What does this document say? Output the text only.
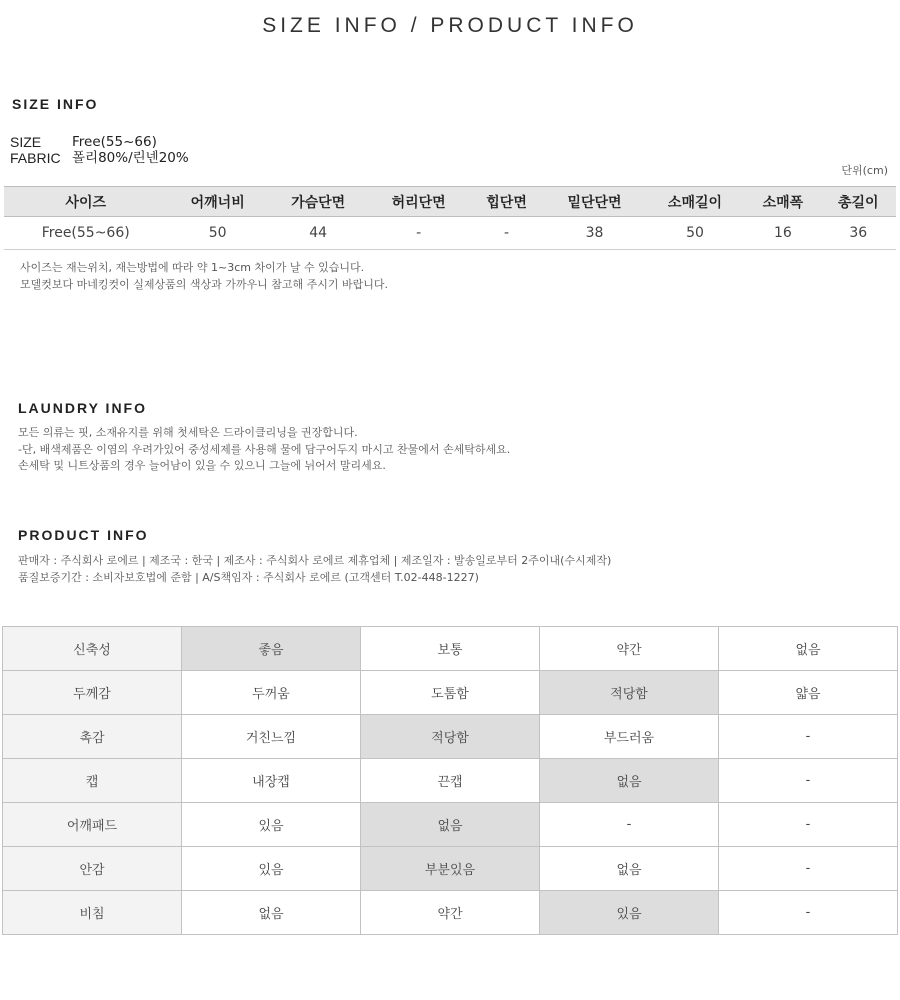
SIZE INFO / PRODUCT INFO
SIZE INFO
SIZE	Free(55~66)
FABRIC 폴리80%/린넨20%
단위(cm)
사이즈	어깨너비	가슴단면	허리단면	힙단면	밑단단면	소매길이	소매폭	총길이
Free(55~66)	50	44	-	-	38	50	16	36
사이즈는 재는위치, 재는방법에 따라 약 1~3cm 차이가 날 수 있습니다.
모델컷보다 마네킹컷이 실제상품의 색상과 가까우니 참고해 주시기 바랍니다.
LAUNDRY INFO
모든 의류는 핏, 소재유지를 위해 첫세탁은 드라이클리닝을 권장합니다.
-단, 배색제품은 이염의 우려가있어 중성세제를 사용해 물에 담구어두지 마시고 찬물에서 손세탁하세요.
손세탁 및 니트상품의 경우 늘어남이 있을 수 있으니 그늘에 뉘어서 말리세요.
PRODUCT INFO
판매자 : 주식회사 로에르 | 제조국 : 한국 | 제조사 : 주식회사 로에르 제휴업체 | 제조일자 : 발송일로부터 2주이내(수시제작)
품질보증기간 : 소비자보호법에 준함 | A/S책임자 : 주식회사 로에르 (고객센터 T.02-448-1227)
신축성	좋음	보통	약간	없음
두께감	두꺼움	도톰함	적당함	얇음
촉감	거친느낌	적당함	부드러움	-
캡	내장캡	끈캡	없음	-
어깨패드	있음	없음	-	-
안감	있음	부분있음	없음	-
비침	없음	약간	있음	-
